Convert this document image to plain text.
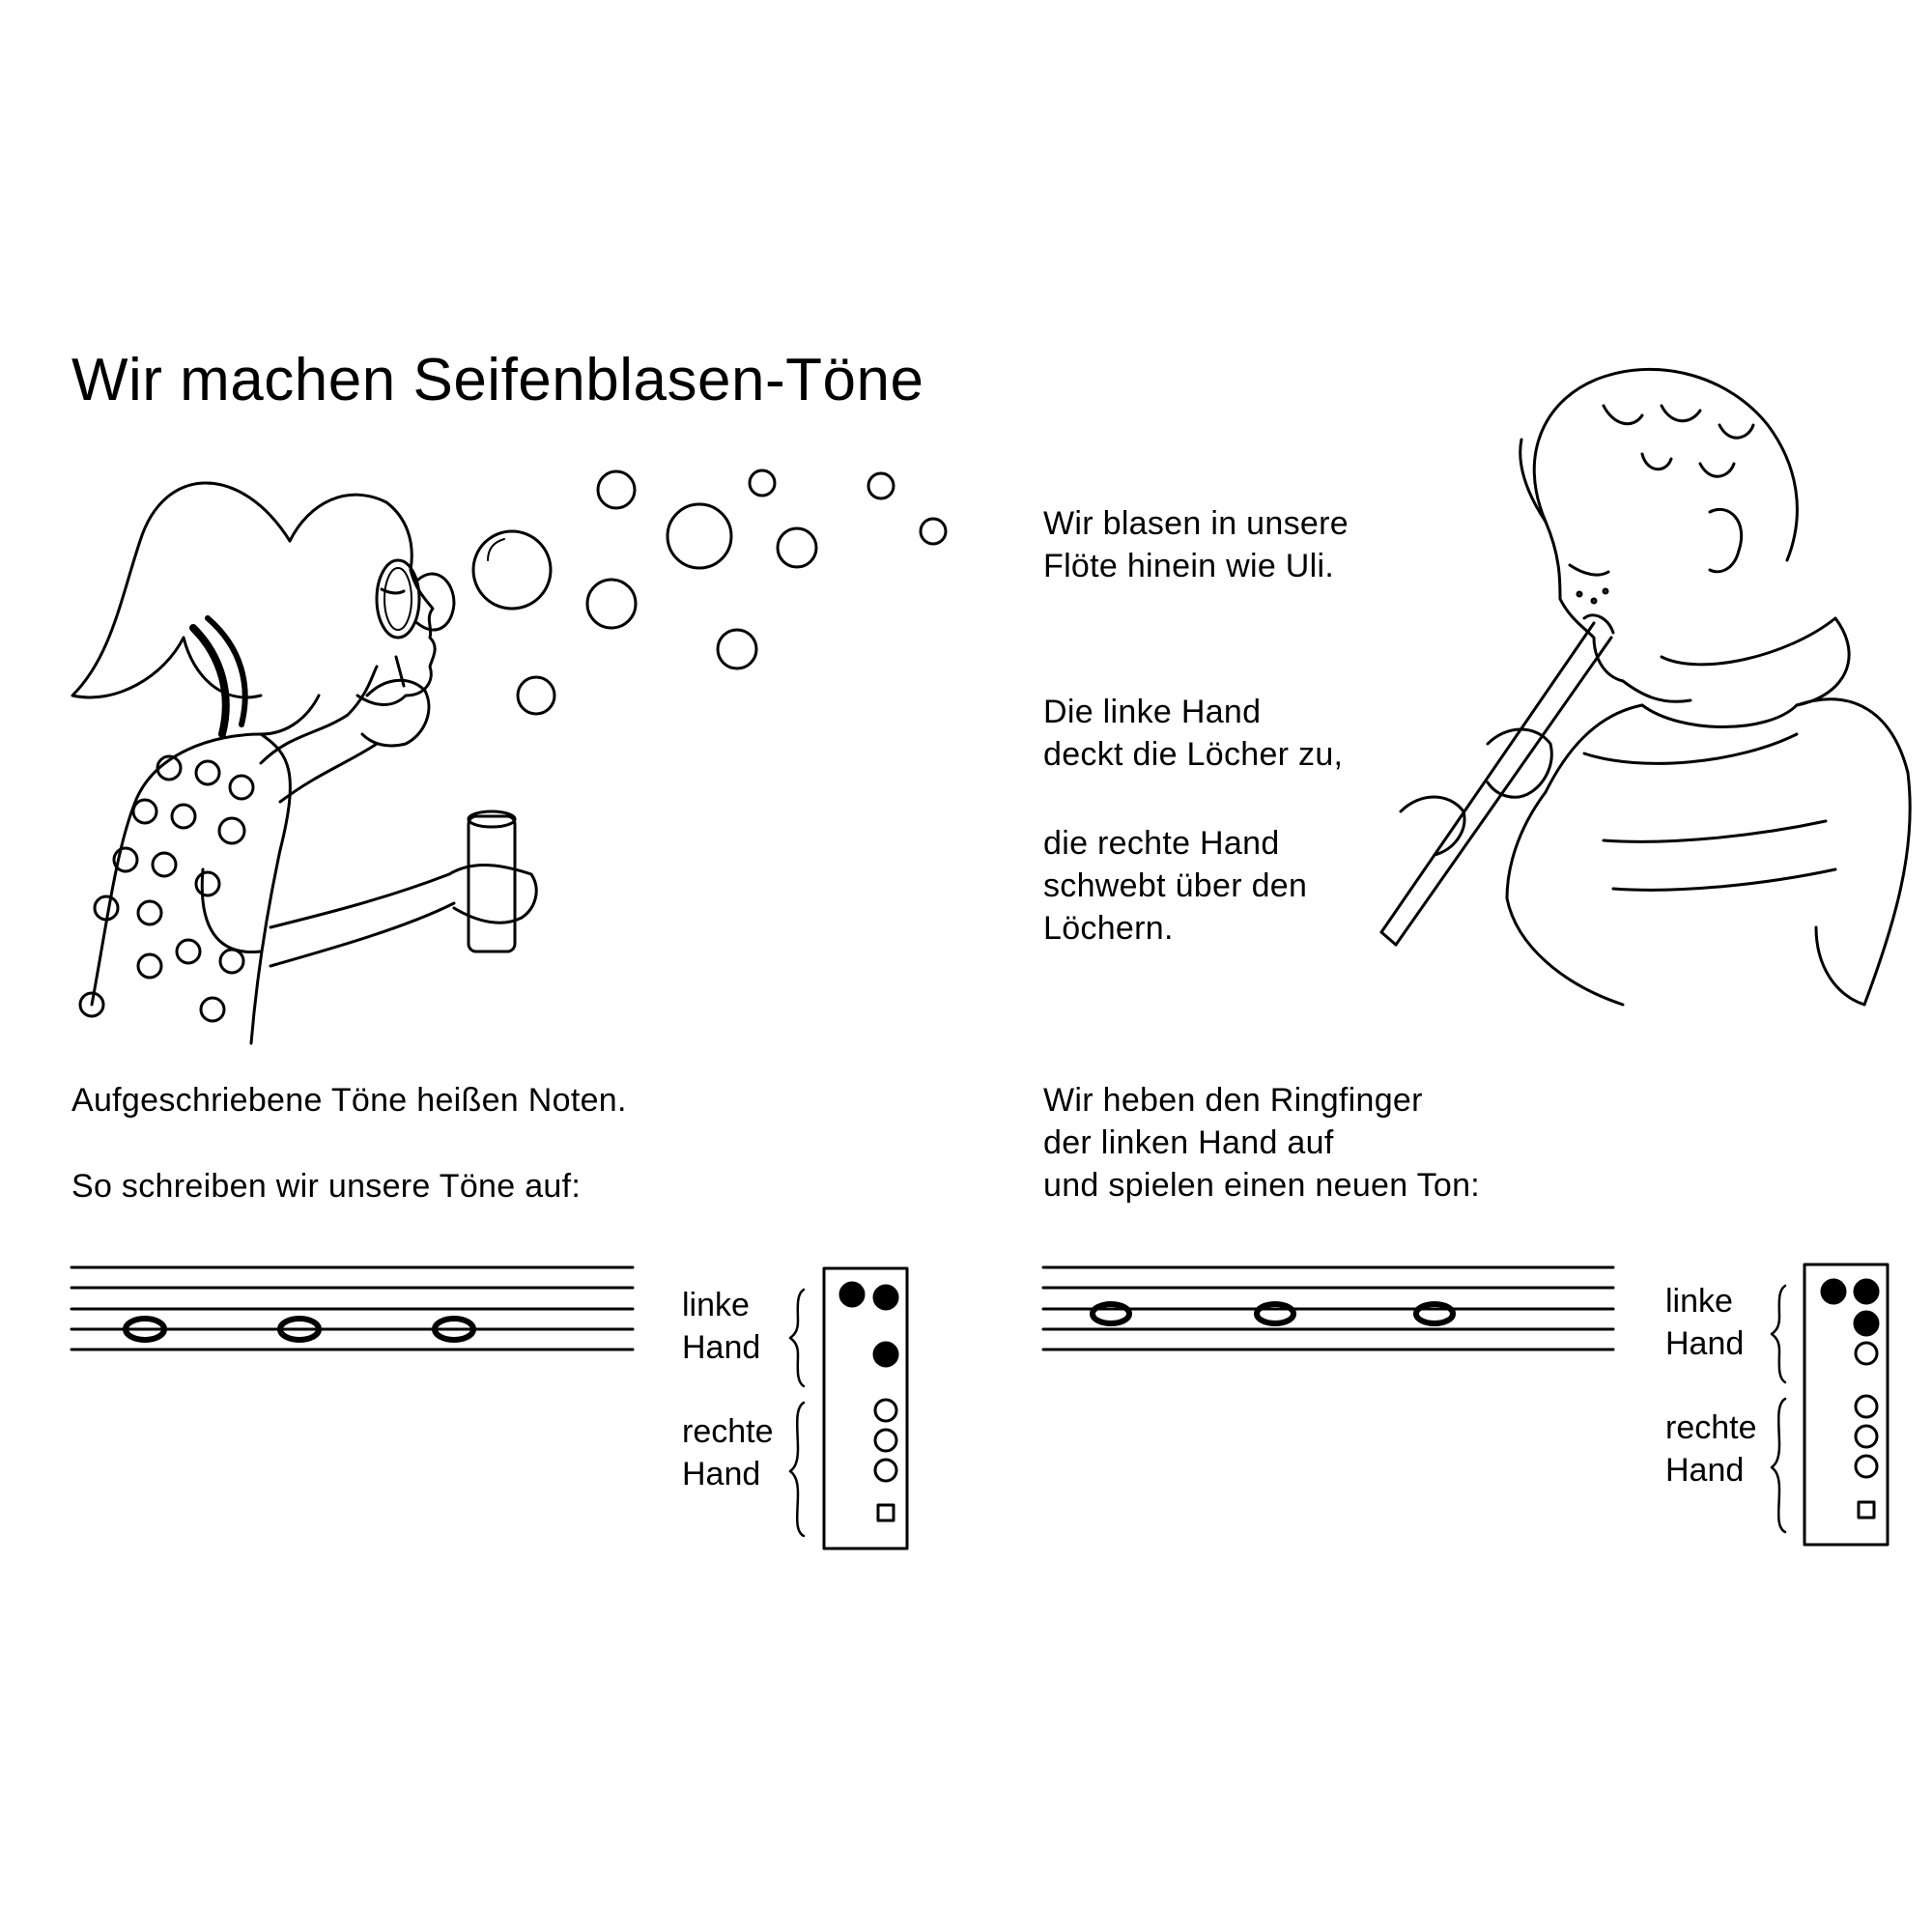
Wir machen Seifenblasen-Töne
Wir blasen in unsere
Flöte hinein wie Uli.
Die linke Hand
deckt die Löcher zu,
die rechte Hand
schwebt über den
Löchern.
Aufgeschriebene Töne heißen Noten.
So schreiben wir unsere Töne auf:
Wir heben den Ringfinger
der linken Hand auf
und spielen einen neuen Ton:
linke
Hand
rechte
Hand
linke
Hand
rechte
Hand
